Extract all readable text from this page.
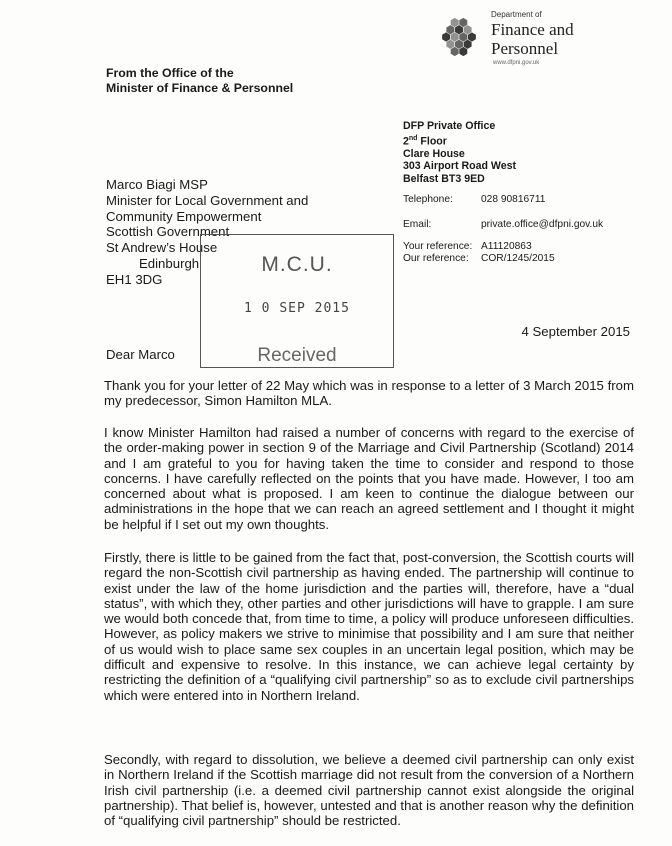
Department of
Finance and
Personnel
www.dfpni.gov.uk
From the Office of the
Minister of Finance & Personnel
DFP Private Office
2nd Floor
Clare House
303 Airport Road West
Belfast BT3 9ED
Telephone:	028 90816711
Email:	private.office@dfpni.gov.uk
Your reference: A11120863
Our reference: COR/1245/2015
Marco Biagi MSP
Minister for Local Government and
Community Empowerment
Scottish Government
St Andrew’s House
Edinburgh
EH1 3DG
M.C.U.
1 0 SEP 2015
Received
4 September 2015
Dear Marco

Thank you for your letter of 22 May which was in response to a letter of 3 March 2015 from my predecessor, Simon Hamilton MLA.

I know Minister Hamilton had raised a number of concerns with regard to the exercise of the order-making power in section 9 of the Marriage and Civil Partnership (Scotland) 2014 and I am grateful to you for having taken the time to consider and respond to those concerns. I have carefully reflected on the points that you have made. However, I too am concerned about what is proposed. I am keen to continue the dialogue between our administrations in the hope that we can reach an agreed settlement and I thought it might be helpful if I set out my own thoughts.

Firstly, there is little to be gained from the fact that, post-conversion, the Scottish courts will regard the non-Scottish civil partnership as having ended. The partnership will continue to exist under the law of the home jurisdiction and the parties will, therefore, have a “dual status”, with which they, other parties and other jurisdictions will have to grapple. I am sure we would both concede that, from time to time, a policy will produce unforeseen difficulties. However, as policy makers we strive to minimise that possibility and I am sure that neither of us would wish to place same sex couples in an uncertain legal position, which may be difficult and expensive to resolve. In this instance, we can achieve legal certainty by restricting the definition of a “qualifying civil partnership” so as to exclude civil partnerships which were entered into in Northern Ireland.

Secondly, with regard to dissolution, we believe a deemed civil partnership can only exist in Northern Ireland if the Scottish marriage did not result from the conversion of a Northern Irish civil partnership (i.e. a deemed civil partnership cannot exist alongside the original partnership). That belief is, however, untested and that is another reason why the definition of “qualifying civil partnership” should be restricted.
